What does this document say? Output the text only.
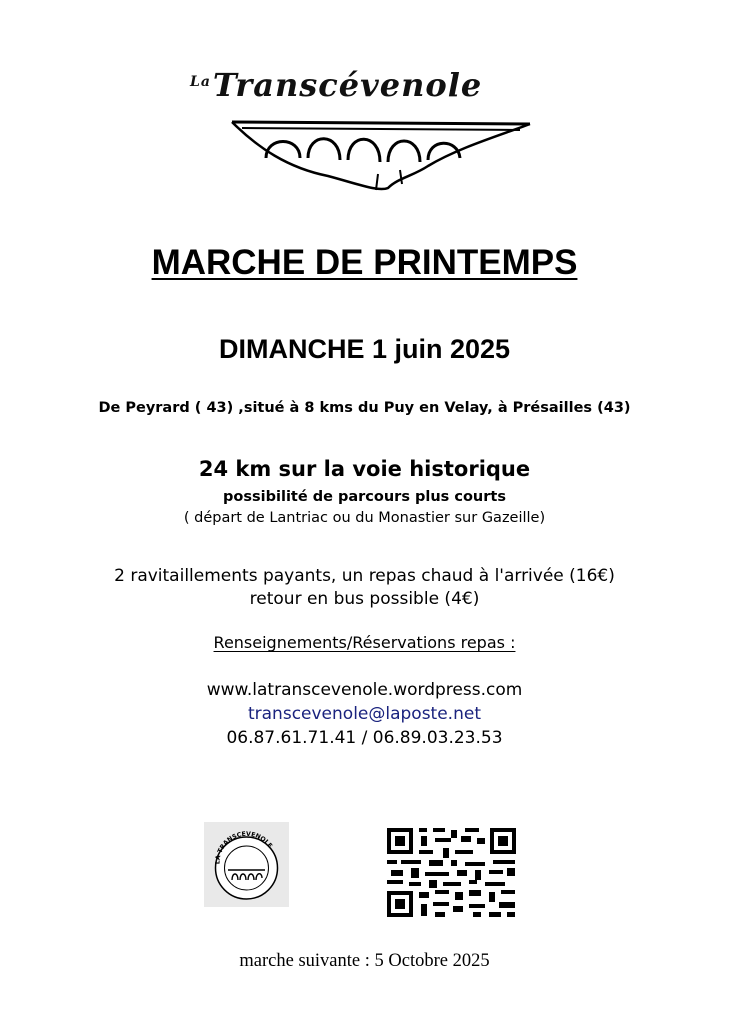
$^{La}$Transcévenole
MARCHE DE PRINTEMPS
DIMANCHE 1 juin 2025
De Peyrard ( 43) ,situé à 8 kms du Puy en Velay, à Présailles (43)
24 km sur la voie historique
possibilité de parcours plus courts
( départ de Lantriac ou du Monastier sur Gazeille)
2 ravitaillements payants, un repas chaud à l'arrivée (16€)
retour en bus possible (4€)
Renseignements/Réservations repas :
www.latranscevenole.wordpress.com
transcevenole@laposte.net
06.87.61.71.41 / 06.89.03.23.53
LA TRANSCEVENOLE
marche suivante : 5 Octobre 2025
